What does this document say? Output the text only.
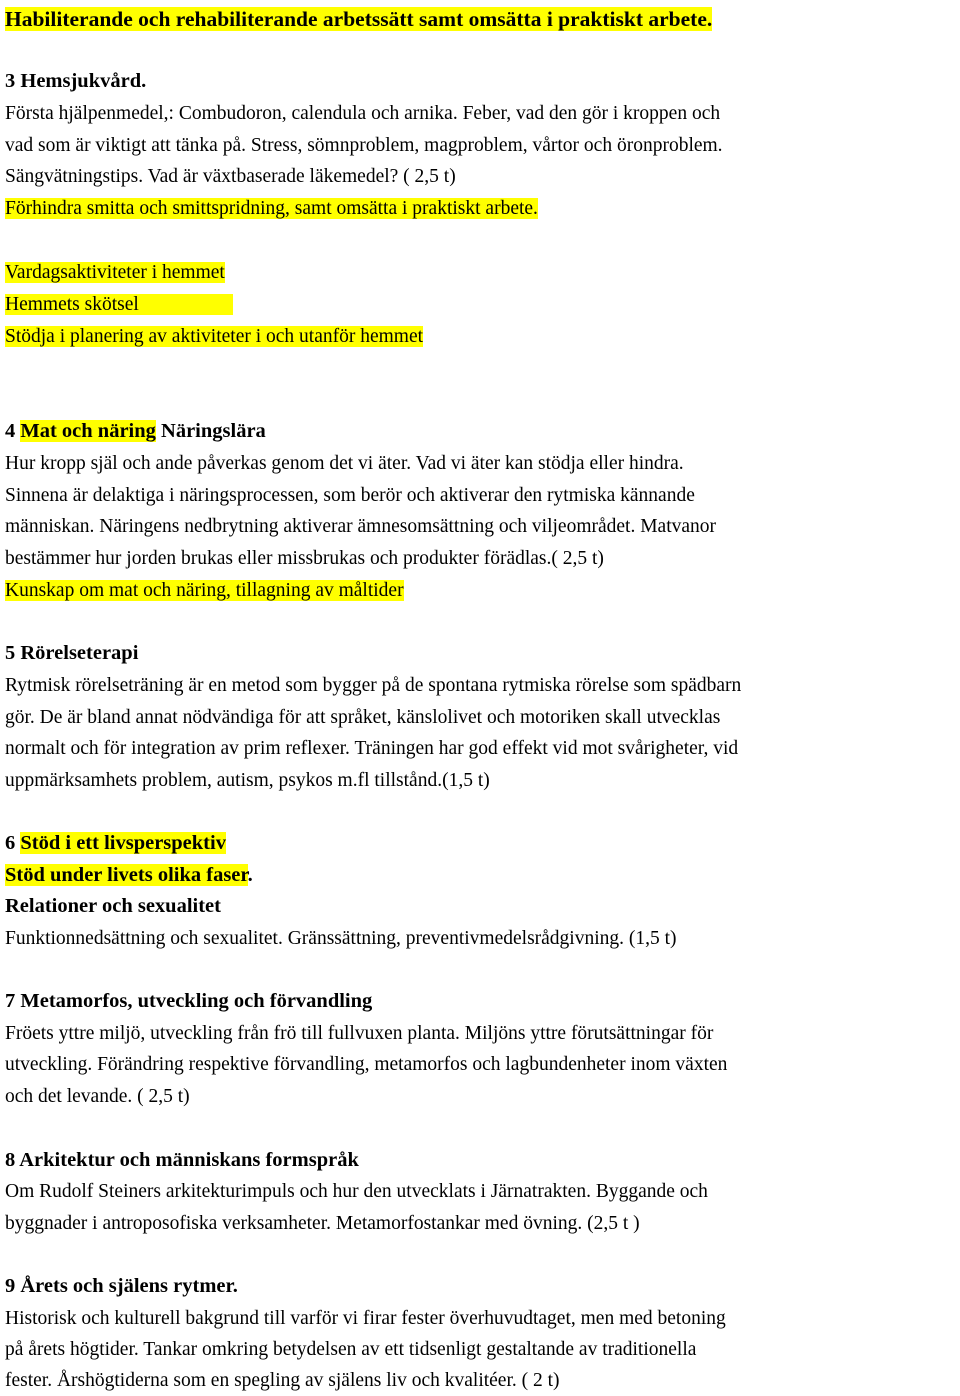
Habiliterande och rehabiliterande arbetssätt samt omsätta i praktiskt arbete.
3 Hemsjukvård.
Första hjälpenmedel,: Combudoron, calendula och arnika. Feber, vad den gör i kroppen och
vad som är viktigt att tänka på. Stress, sömnproblem, magproblem, vårtor och öronproblem.
Sängvätningstips. Vad är växtbaserade läkemedel? ( 2,5 t)
Förhindra smitta och smittspridning, samt omsätta i praktiskt arbete.
Vardagsaktiviteter i hemmet
Hemmets skötsel
Stödja i planering av aktiviteter i och utanför hemmet
4 Mat och näring Näringslära
Hur kropp själ och ande påverkas genom det vi äter. Vad vi äter kan stödja eller hindra.
Sinnena är delaktiga i näringsprocessen, som berör och aktiverar den rytmiska kännande
människan. Näringens nedbrytning aktiverar ämnesomsättning och viljeområdet. Matvanor
bestämmer hur jorden brukas eller missbrukas och produkter förädlas.( 2,5 t)
Kunskap om mat och näring, tillagning av måltider
5 Rörelseterapi
Rytmisk rörelseträning är en metod som bygger på de spontana rytmiska rörelse som spädbarn
gör. De är bland annat nödvändiga för att språket, känslolivet och motoriken skall utvecklas
normalt och för integration av prim reflexer. Träningen har god effekt vid mot svårigheter, vid
uppmärksamhets problem, autism, psykos m.fl tillstånd.(1,5 t)
6 Stöd i ett livsperspektiv
Stöd under livets olika faser.
Relationer och sexualitet
Funktionnedsättning och sexualitet. Gränssättning, preventivmedelsrådgivning. (1,5 t)
7 Metamorfos, utveckling och förvandling
Fröets yttre miljö, utveckling från frö till fullvuxen planta. Miljöns yttre förutsättningar för
utveckling. Förändring respektive förvandling, metamorfos och lagbundenheter inom växten
och det levande. ( 2,5 t)
8 Arkitektur och människans formspråk
Om Rudolf Steiners arkitekturimpuls och hur den utvecklats i Järnatrakten. Byggande och
byggnader i antroposofiska verksamheter. Metamorfostankar med övning. (2,5 t )
9 Årets och själens rytmer.
Historisk och kulturell bakgrund till varför vi firar fester överhuvudtaget, men med betoning
på årets högtider. Tankar omkring betydelsen av ett tidsenligt gestaltande av traditionella
fester. Årshögtiderna som en spegling av själens liv och kvalitéer. ( 2 t)
